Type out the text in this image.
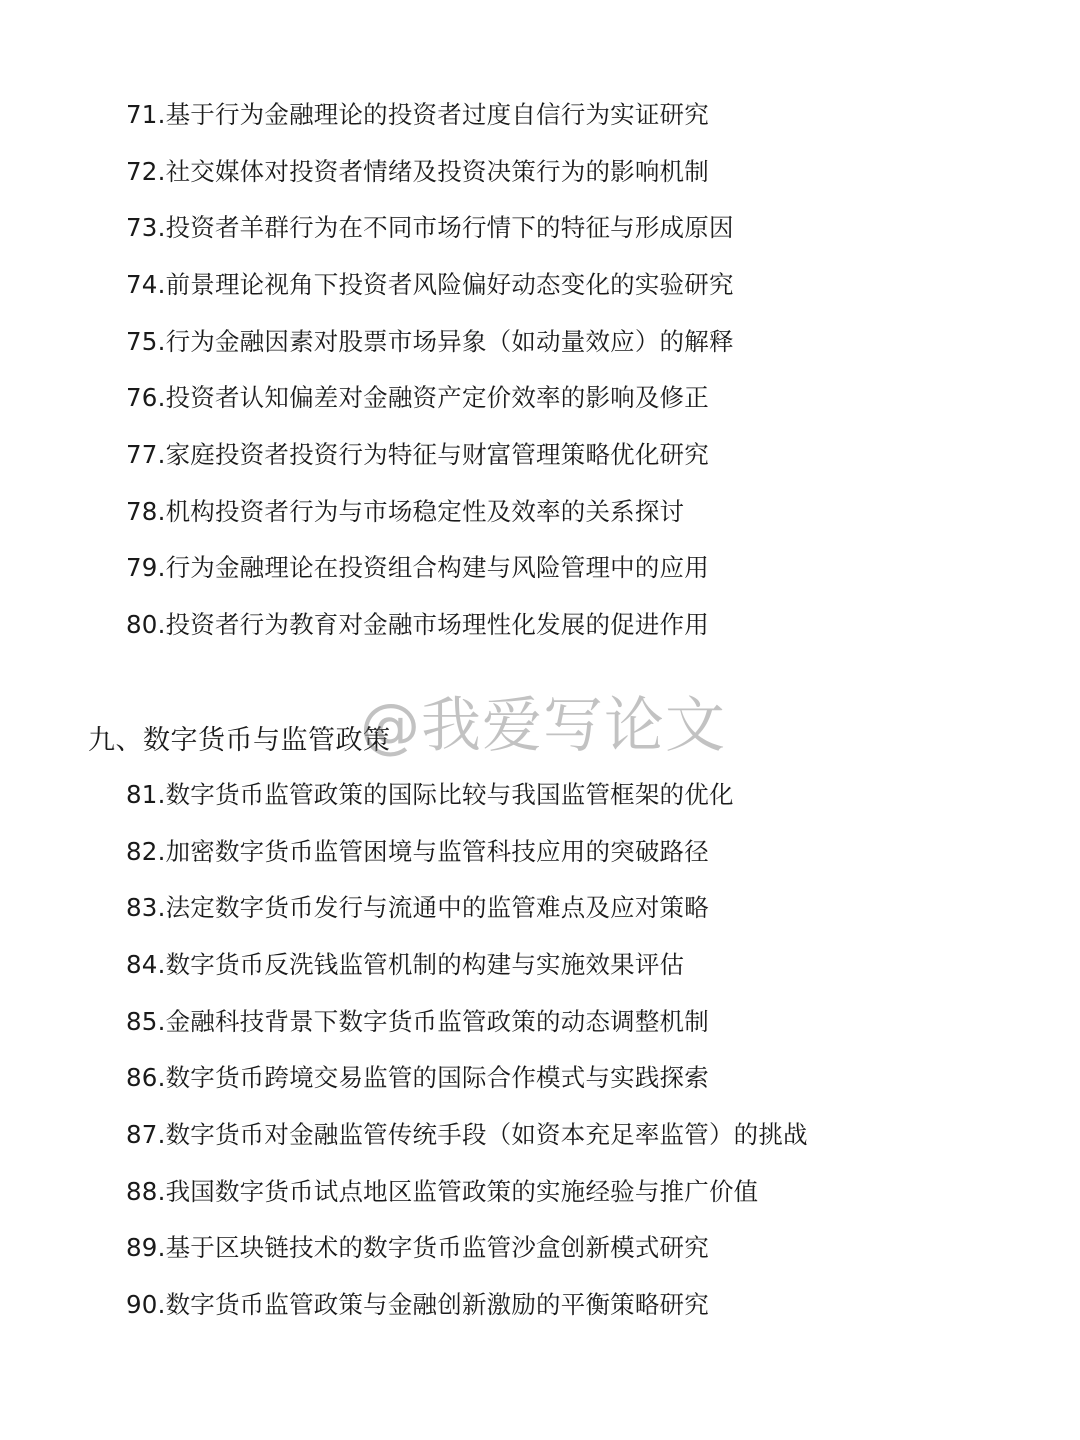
71.基于行为金融理论的投资者过度自信行为实证研究
72.社交媒体对投资者情绪及投资决策行为的影响机制
73.投资者羊群行为在不同市场行情下的特征与形成原因
74.前景理论视角下投资者风险偏好动态变化的实验研究
75.行为金融因素对股票市场异象（如动量效应）的解释
76.投资者认知偏差对金融资产定价效率的影响及修正
77.家庭投资者投资行为特征与财富管理策略优化研究
78.机构投资者行为与市场稳定性及效率的关系探讨
79.行为金融理论在投资组合构建与风险管理中的应用
80.投资者行为教育对金融市场理性化发展的促进作用
九、数字货币与监管政策
@我爱写论文
81.数字货币监管政策的国际比较与我国监管框架的优化
82.加密数字货币监管困境与监管科技应用的突破路径
83.法定数字货币发行与流通中的监管难点及应对策略
84.数字货币反洗钱监管机制的构建与实施效果评估
85.金融科技背景下数字货币监管政策的动态调整机制
86.数字货币跨境交易监管的国际合作模式与实践探索
87.数字货币对金融监管传统手段（如资本充足率监管）的挑战
88.我国数字货币试点地区监管政策的实施经验与推广价值
89.基于区块链技术的数字货币监管沙盒创新模式研究
90.数字货币监管政策与金融创新激励的平衡策略研究
